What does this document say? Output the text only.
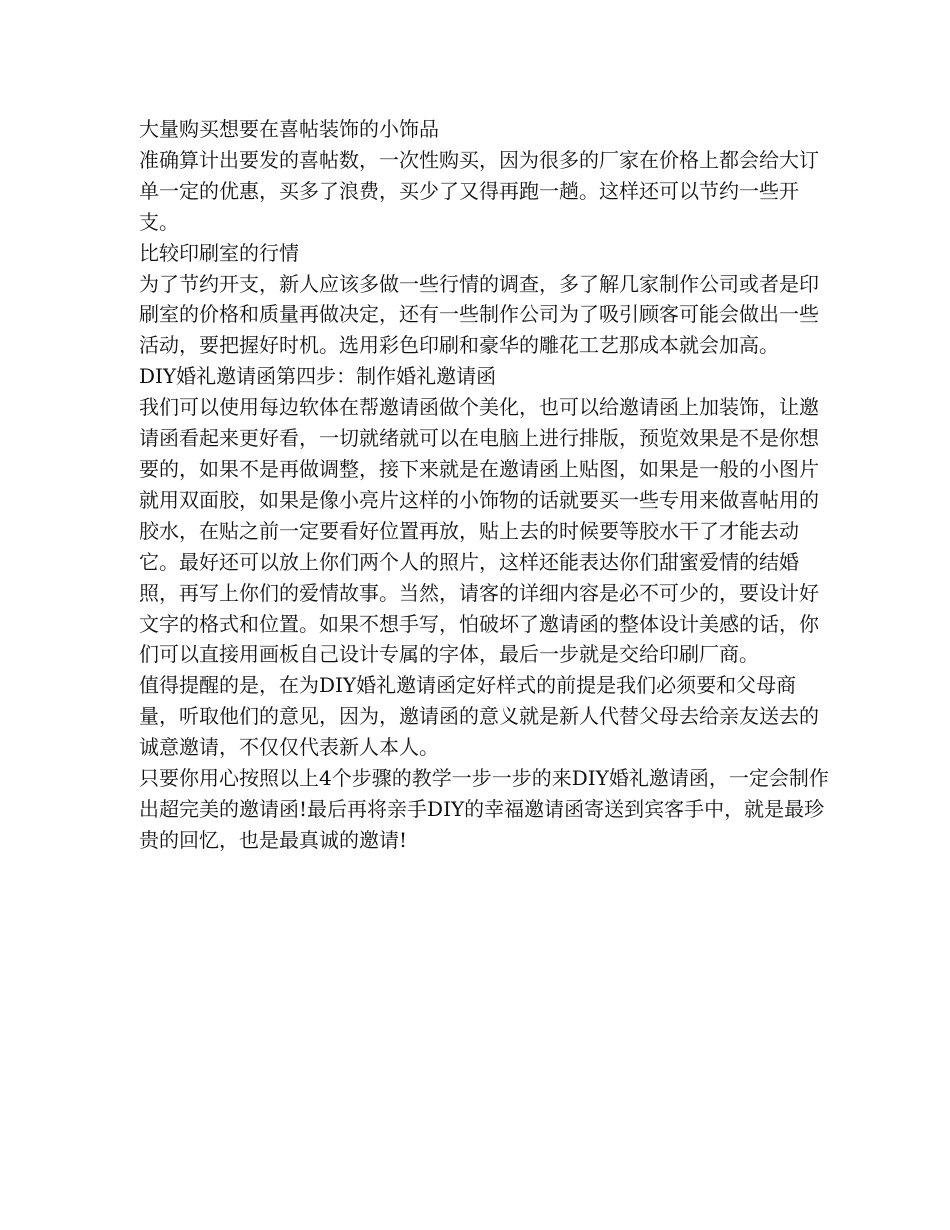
大量购买想要在喜帖装饰的小饰品

准确算计出要发的喜帖数，一次性购买，因为很多的厂家在价格上都会给大订单一定的优惠，买多了浪费，买少了又得再跑一趟。这样还可以节约一些开支。

比较印刷室的行情

为了节约开支，新人应该多做一些行情的调查，多了解几家制作公司或者是印刷室的价格和质量再做决定，还有一些制作公司为了吸引顾客可能会做出一些活动，要把握好时机。选用彩色印刷和豪华的雕花工艺那成本就会加高。

DIY婚礼邀请函第四步：制作婚礼邀请函

我们可以使用每边软体在帮邀请函做个美化，也可以给邀请函上加装饰，让邀请函看起来更好看，一切就绪就可以在电脑上进行排版，预览效果是不是你想要的，如果不是再做调整，接下来就是在邀请函上贴图，如果是一般的小图片就用双面胶，如果是像小亮片这样的小饰物的话就要买一些专用来做喜帖用的胶水，在贴之前一定要看好位置再放，贴上去的时候要等胶水干了才能去动它。最好还可以放上你们两个人的照片，这样还能表达你们甜蜜爱情的结婚照，再写上你们的爱情故事。当然，请客的详细内容是必不可少的，要设计好文字的格式和位置。如果不想手写，怕破坏了邀请函的整体设计美感的话，你们可以直接用画板自己设计专属的字体，最后一步就是交给印刷厂商。

值得提醒的是，在为DIY婚礼邀请函定好样式的前提是我们必须要和父母商量，听取他们的意见，因为，邀请函的意义就是新人代替父母去给亲友送去的诚意邀请，不仅仅代表新人本人。

只要你用心按照以上4个步骤的教学一步一步的来DIY婚礼邀请函，一定会制作出超完美的邀请函!最后再将亲手DIY的幸福邀请函寄送到宾客手中，就是最珍贵的回忆，也是最真诚的邀请!
